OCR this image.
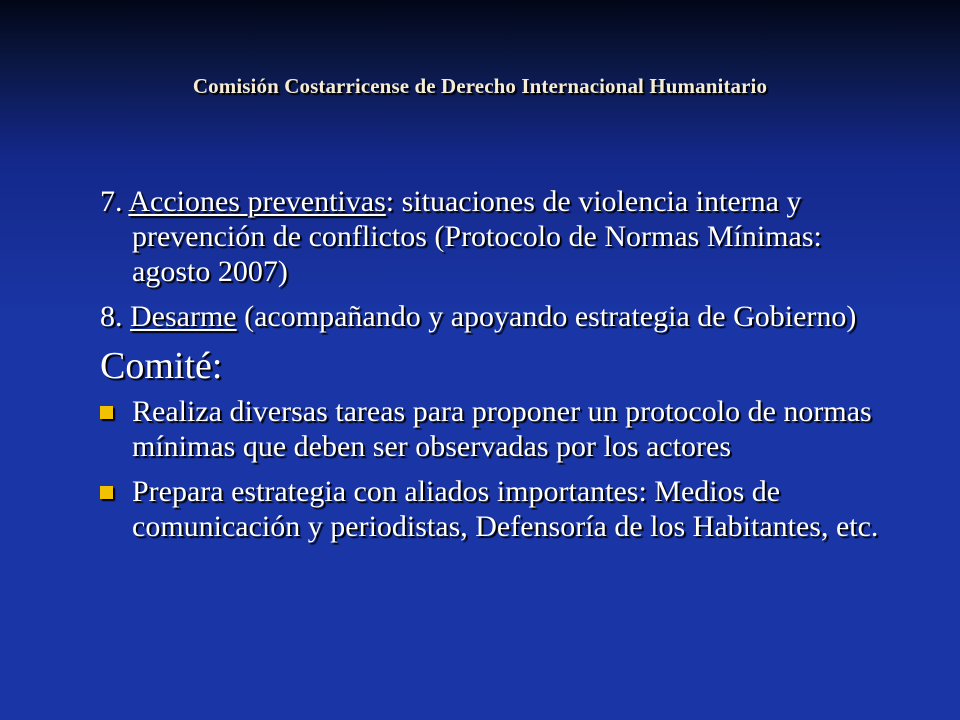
Comisión Costarricense de Derecho Internacional Humanitario

7. Acciones preventivas: situaciones de violencia interna y prevención de conflictos (Protocolo de Normas Mínimas: agosto 2007)

8. Desarme (acompañando y apoyando estrategia de Gobierno)

Comité:
Realiza diversas tareas para proponer un protocolo de normas mínimas que deben ser observadas por los actores
Prepara estrategia con aliados importantes: Medios de comunicación y periodistas, Defensoría de los Habitantes, etc.
